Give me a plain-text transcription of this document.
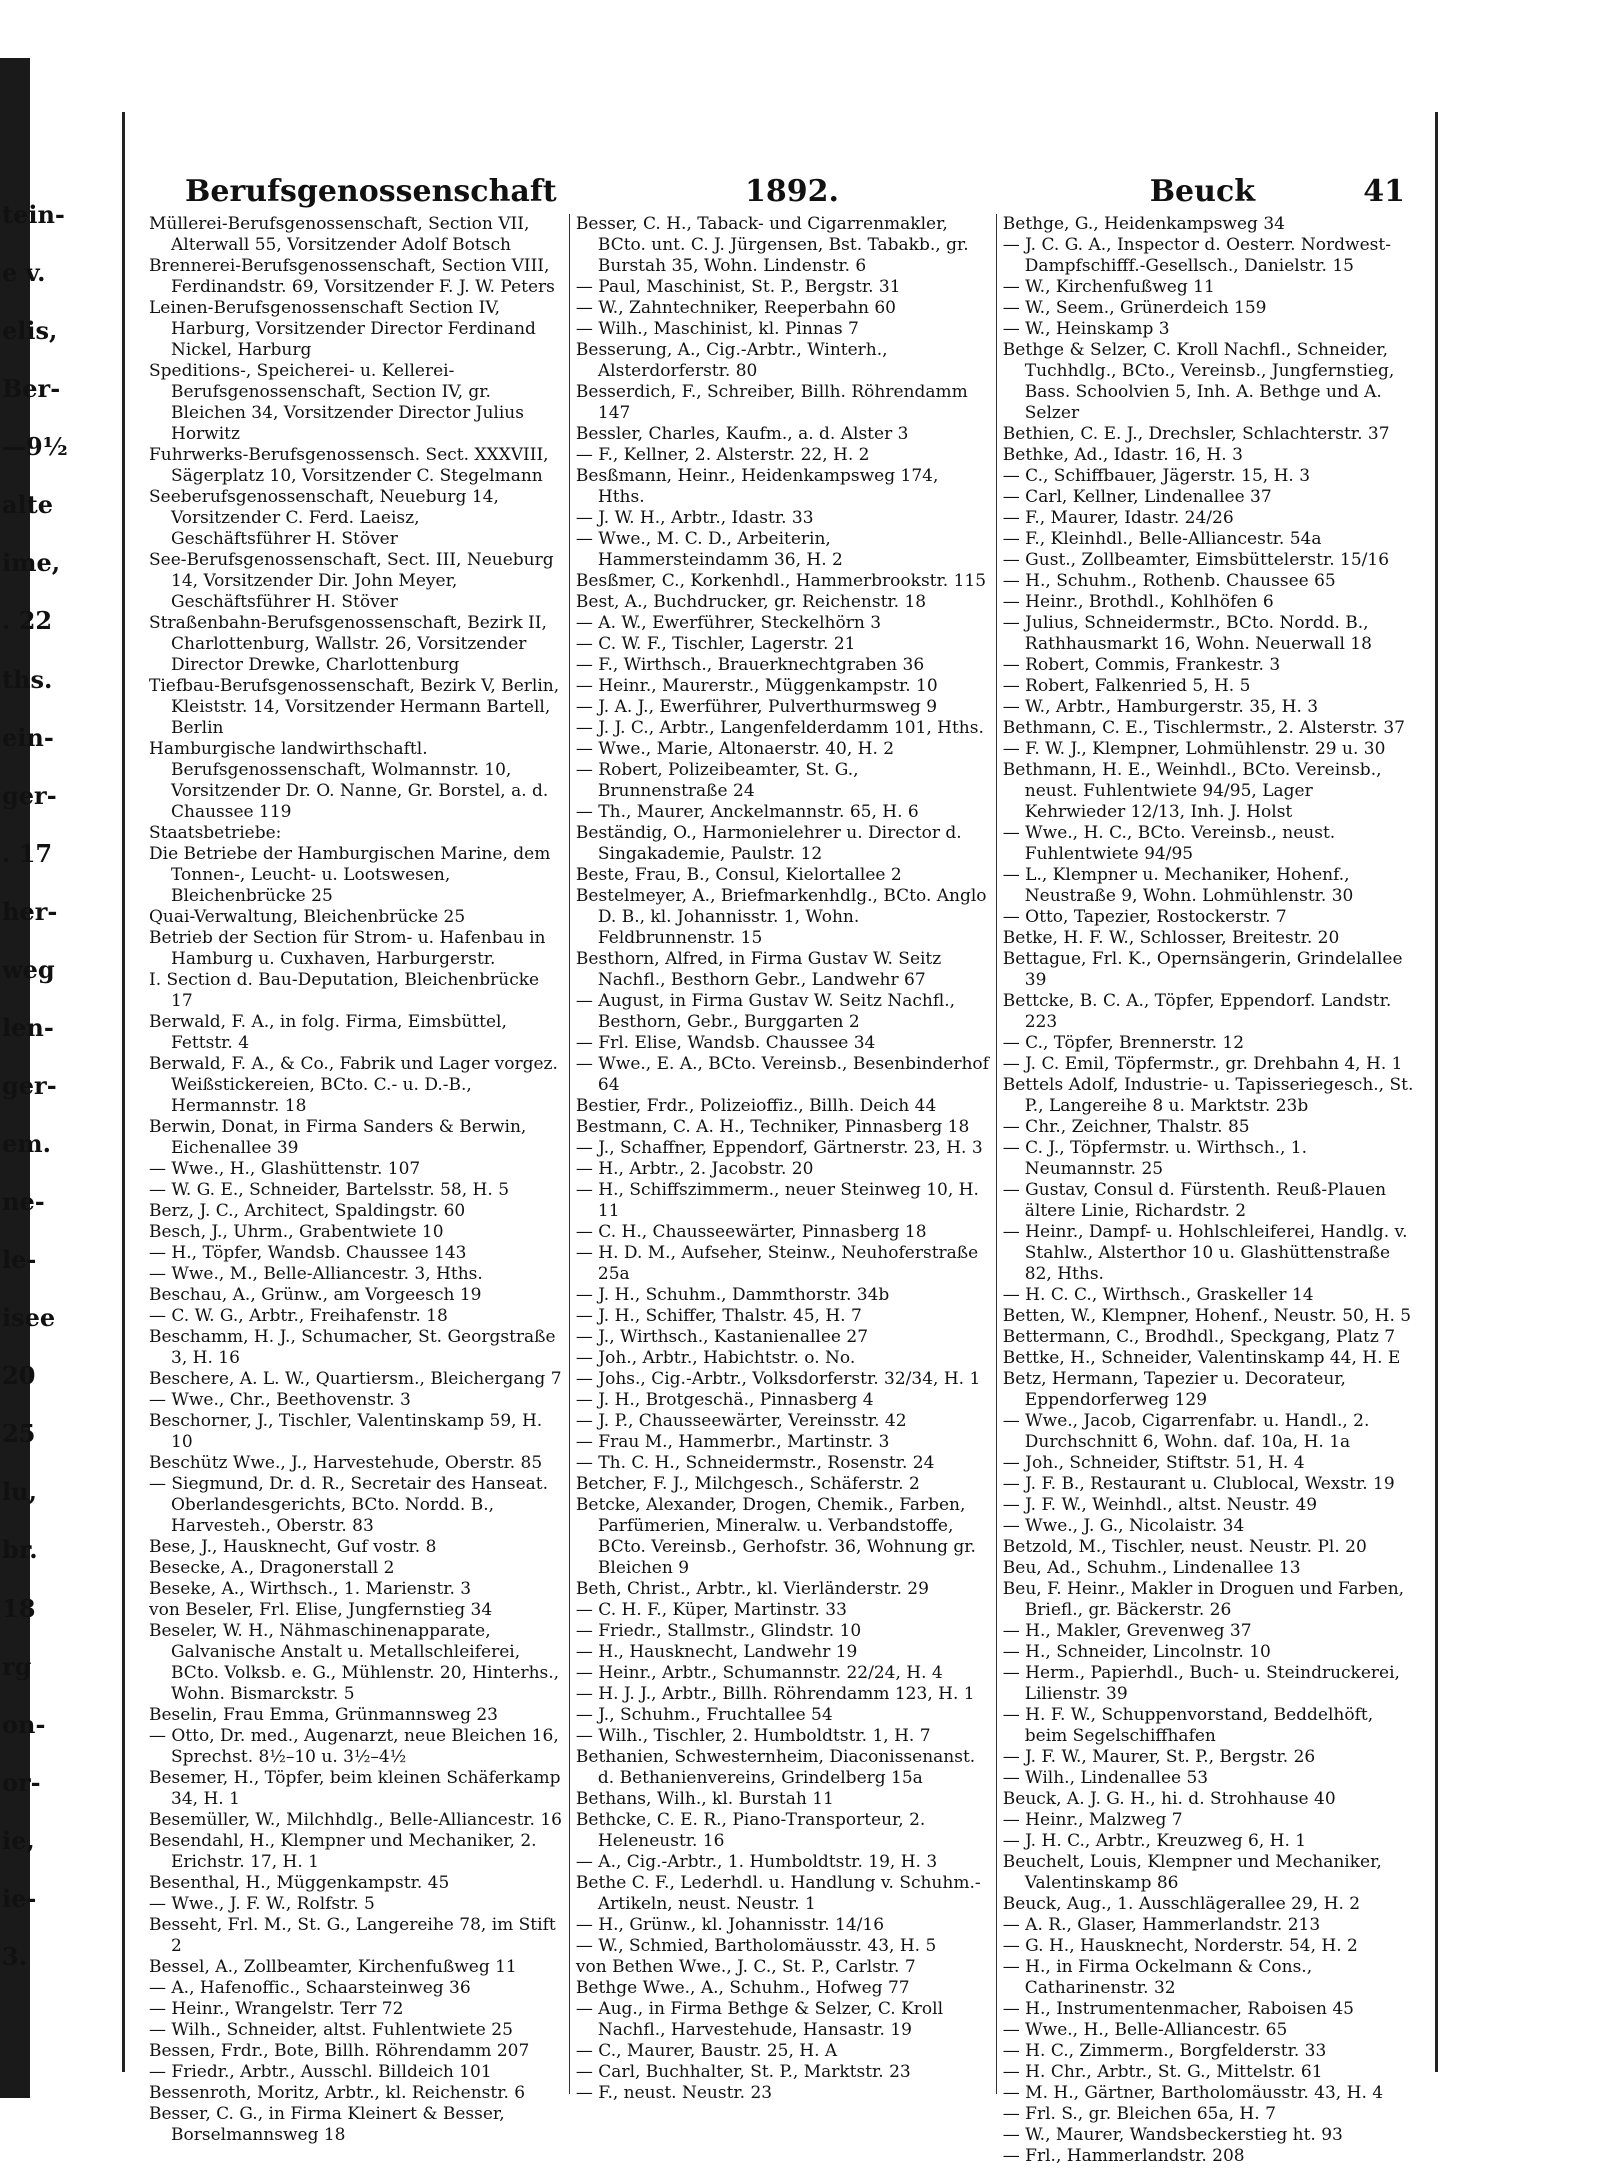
tein-
e v.
elis,
Ber-
—9½
alte
ime,
. 22
ths.
ein-
ger-
. 17
her-
weg
len-
ger-
em.
ne-
le-
isee
20
25
lu,
br.
18
rg
on-
or-
ie,
ie-
3.
Berufsgenossenschaft	1892.	Beuck	41

Müllerei-Berufsgenossenschaft, Section VII, Alterwall 55, Vorsitzender Adolf Botsch

Brennerei-Berufsgenossenschaft, Section VIII, Ferdinandstr. 69, Vorsitzender F. J. W. Peters

Leinen-Berufsgenossenschaft Section IV, Harburg, Vorsitzender Director Ferdinand Nickel, Harburg

Speditions-, Speicherei- u. Kellerei-Berufsgenossenschaft, Section IV, gr. Bleichen 34, Vorsitzender Director Julius Horwitz

Fuhrwerks-Berufsgenossensch. Sect. XXXVIII, Sägerplatz 10, Vorsitzender C. Stegelmann

Seeberufsgenossenschaft, Neueburg 14, Vorsitzender C. Ferd. Laeisz, Geschäftsführer H. Stöver

See-Berufsgenossenschaft, Sect. III, Neueburg 14, Vorsitzender Dir. John Meyer, Geschäftsführer H. Stöver

Straßenbahn-Berufsgenossenschaft, Bezirk II, Charlottenburg, Wallstr. 26, Vorsitzender Director Drewke, Charlottenburg

Tiefbau-Berufsgenossenschaft, Bezirk V, Berlin, Kleiststr. 14, Vorsitzender Hermann Bartell, Berlin

Hamburgische landwirthschaftl. Berufsgenossenschaft, Wolmannstr. 10, Vorsitzender Dr. O. Nanne, Gr. Borstel, a. d. Chaussee 119

Staatsbetriebe:

Die Betriebe der Hamburgischen Marine, dem Tonnen-, Leucht- u. Lootswesen, Bleichenbrücke 25

Quai-Verwaltung, Bleichenbrücke 25

Betrieb der Section für Strom- u. Hafenbau in Hamburg u. Cuxhaven, Harburgerstr.

I. Section d. Bau-Deputation, Bleichenbrücke 17

Berwald, F. A., in folg. Firma, Eimsbüttel, Fettstr. 4

Berwald, F. A., & Co., Fabrik und Lager vorgez. Weißstickereien, BCto. C.- u. D.-B., Hermannstr. 18

Berwin, Donat, in Firma Sanders & Berwin, Eichenallee 39

— Wwe., H., Glashüttenstr. 107

— W. G. E., Schneider, Bartelsstr. 58, H. 5

Berz, J. C., Architect, Spaldingstr. 60

Besch, J., Uhrm., Grabentwiete 10

— H., Töpfer, Wandsb. Chaussee 143

— Wwe., M., Belle-Alliancestr. 3, Hths.

Beschau, A., Grünw., am Vorgeesch 19

— C. W. G., Arbtr., Freihafenstr. 18

Beschamm, H. J., Schumacher, St. Georgstraße 3, H. 16

Beschere, A. L. W., Quartiersm., Bleichergang 7

— Wwe., Chr., Beethovenstr. 3

Beschorner, J., Tischler, Valentinskamp 59, H. 10

Beschütz Wwe., J., Harvestehude, Oberstr. 85

— Siegmund, Dr. d. R., Secretair des Hanseat. Oberlandesgerichts, BCto. Nordd. B., Harvesteh., Oberstr. 83

Bese, J., Hausknecht, Guf vostr. 8

Besecke, A., Dragonerstall 2

Beseke, A., Wirthsch., 1. Marienstr. 3

von Beseler, Frl. Elise, Jungfernstieg 34

Beseler, W. H., Nähmaschinenapparate, Galvanische Anstalt u. Metallschleiferei, BCto. Volksb. e. G., Mühlenstr. 20, Hinterhs., Wohn. Bismarckstr. 5

Beselin, Frau Emma, Grünmannsweg 23

— Otto, Dr. med., Augenarzt, neue Bleichen 16, Sprechst. 8½–10 u. 3½–4½

Besemer, H., Töpfer, beim kleinen Schäferkamp 34, H. 1

Besemüller, W., Milchhdlg., Belle-Alliancestr. 16

Besendahl, H., Klempner und Mechaniker, 2. Erichstr. 17, H. 1

Besenthal, H., Müggenkampstr. 45

— Wwe., J. F. W., Rolfstr. 5

Besseht, Frl. M., St. G., Langereihe 78, im Stift 2

Bessel, A., Zollbeamter, Kirchenfußweg 11

— A., Hafenoffic., Schaarsteinweg 36

— Heinr., Wrangelstr. Terr 72

— Wilh., Schneider, altst. Fuhlentwiete 25

Bessen, Frdr., Bote, Billh. Röhrendamm 207

— Friedr., Arbtr., Ausschl. Billdeich 101

Bessenroth, Moritz, Arbtr., kl. Reichenstr. 6

Besser, C. G., in Firma Kleinert & Besser, Borselmannsweg 18

Besser, C. H., Taback- und Cigarrenmakler, BCto. unt. C. J. Jürgensen, Bst. Tabakb., gr. Burstah 35, Wohn. Lindenstr. 6

— Paul, Maschinist, St. P., Bergstr. 31

— W., Zahntechniker, Reeperbahn 60

— Wilh., Maschinist, kl. Pinnas 7

Besserung, A., Cig.-Arbtr., Winterh., Alsterdorferstr. 80

Besserdich, F., Schreiber, Billh. Röhrendamm 147

Bessler, Charles, Kaufm., a. d. Alster 3

— F., Kellner, 2. Alsterstr. 22, H. 2

Besßmann, Heinr., Heidenkampsweg 174, Hths.

— J. W. H., Arbtr., Idastr. 33

— Wwe., M. C. D., Arbeiterin, Hammersteindamm 36, H. 2

Besßmer, C., Korkenhdl., Hammerbrookstr. 115

Best, A., Buchdrucker, gr. Reichenstr. 18

— A. W., Ewerführer, Steckelhörn 3

— C. W. F., Tischler, Lagerstr. 21

— F., Wirthsch., Brauerknechtgraben 36

— Heinr., Maurerstr., Müggenkampstr. 10

— J. A. J., Ewerführer, Pulverthurmsweg 9

— J. J. C., Arbtr., Langenfelderdamm 101, Hths.

— Wwe., Marie, Altonaerstr. 40, H. 2

— Robert, Polizeibeamter, St. G., Brunnenstraße 24

— Th., Maurer, Anckelmannstr. 65, H. 6

Beständig, O., Harmonielehrer u. Director d. Singakademie, Paulstr. 12

Beste, Frau, B., Consul, Kielortallee 2

Bestelmeyer, A., Briefmarkenhdlg., BCto. Anglo D. B., kl. Johannisstr. 1, Wohn. Feldbrunnenstr. 15

Besthorn, Alfred, in Firma Gustav W. Seitz Nachfl., Besthorn Gebr., Landwehr 67

— August, in Firma Gustav W. Seitz Nachfl., Besthorn, Gebr., Burggarten 2

— Frl. Elise, Wandsb. Chaussee 34

— Wwe., E. A., BCto. Vereinsb., Besenbinderhof 64

Bestier, Frdr., Polizeioffiz., Billh. Deich 44

Bestmann, C. A. H., Techniker, Pinnasberg 18

— J., Schaffner, Eppendorf, Gärtnerstr. 23, H. 3

— H., Arbtr., 2. Jacobstr. 20

— H., Schiffszimmerm., neuer Steinweg 10, H. 11

— C. H., Chausseewärter, Pinnasberg 18

— H. D. M., Aufseher, Steinw., Neuhoferstraße 25a

— J. H., Schuhm., Dammthorstr. 34b

— J. H., Schiffer, Thalstr. 45, H. 7

— J., Wirthsch., Kastanienallee 27

— Joh., Arbtr., Habichtstr. o. No.

— Johs., Cig.-Arbtr., Volksdorferstr. 32/34, H. 1

— J. H., Brotgeschä., Pinnasberg 4

— J. P., Chausseewärter, Vereinsstr. 42

— Frau M., Hammerbr., Martinstr. 3

— Th. C. H., Schneidermstr., Rosenstr. 24

Betcher, F. J., Milchgesch., Schäferstr. 2

Betcke, Alexander, Drogen, Chemik., Farben, Parfümerien, Mineralw. u. Verbandstoffe, BCto. Vereinsb., Gerhofstr. 36, Wohnung gr. Bleichen 9

Beth, Christ., Arbtr., kl. Vierländerstr. 29

— C. H. F., Küper, Martinstr. 33

— Friedr., Stallmstr., Glindstr. 10

— H., Hausknecht, Landwehr 19

— Heinr., Arbtr., Schumannstr. 22/24, H. 4

— H. J. J., Arbtr., Billh. Röhrendamm 123, H. 1

— J., Schuhm., Fruchtallee 54

— Wilh., Tischler, 2. Humboldtstr. 1, H. 7

Bethanien, Schwesternheim, Diaconissenanst. d. Bethanienvereins, Grindelberg 15a

Bethans, Wilh., kl. Burstah 11

Bethcke, C. E. R., Piano-Transporteur, 2. Heleneustr. 16

— A., Cig.-Arbtr., 1. Humboldtstr. 19, H. 3

Bethe C. F., Lederhdl. u. Handlung v. Schuhm.-Artikeln, neust. Neustr. 1

— H., Grünw., kl. Johannisstr. 14/16

— W., Schmied, Bartholomäusstr. 43, H. 5

von Bethen Wwe., J. C., St. P., Carlstr. 7

Bethge Wwe., A., Schuhm., Hofweg 77

— Aug., in Firma Bethge & Selzer, C. Kroll Nachfl., Harvestehude, Hansastr. 19

— C., Maurer, Baustr. 25, H. A

— Carl, Buchhalter, St. P., Marktstr. 23

— F., neust. Neustr. 23

Bethge, G., Heidenkampsweg 34

— J. C. G. A., Inspector d. Oesterr. Nordwest-Dampfschifff.-Gesellsch., Danielstr. 15

— W., Kirchenfußweg 11

— W., Seem., Grünerdeich 159

— W., Heinskamp 3

Bethge & Selzer, C. Kroll Nachfl., Schneider, Tuchhdlg., BCto., Vereinsb., Jungfernstieg, Bass. Schoolvien 5, Inh. A. Bethge und A. Selzer

Bethien, C. E. J., Drechsler, Schlachterstr. 37

Bethke, Ad., Idastr. 16, H. 3

— C., Schiffbauer, Jägerstr. 15, H. 3

— Carl, Kellner, Lindenallee 37

— F., Maurer, Idastr. 24/26

— F., Kleinhdl., Belle-Alliancestr. 54a

— Gust., Zollbeamter, Eimsbüttelerstr. 15/16

— H., Schuhm., Rothenb. Chaussee 65

— Heinr., Brothdl., Kohlhöfen 6

— Julius, Schneidermstr., BCto. Nordd. B., Rathhausmarkt 16, Wohn. Neuerwall 18

— Robert, Commis, Frankestr. 3

— Robert, Falkenried 5, H. 5

— W., Arbtr., Hamburgerstr. 35, H. 3

Bethmann, C. E., Tischlermstr., 2. Alsterstr. 37

— F. W. J., Klempner, Lohmühlenstr. 29 u. 30

Bethmann, H. E., Weinhdl., BCto. Vereinsb., neust. Fuhlentwiete 94/95, Lager Kehrwieder 12/13, Inh. J. Holst

— Wwe., H. C., BCto. Vereinsb., neust. Fuhlentwiete 94/95

— L., Klempner u. Mechaniker, Hohenf., Neustraße 9, Wohn. Lohmühlenstr. 30

— Otto, Tapezier, Rostockerstr. 7

Betke, H. F. W., Schlosser, Breitestr. 20

Bettague, Frl. K., Opernsängerin, Grindelallee 39

Bettcke, B. C. A., Töpfer, Eppendorf. Landstr. 223

— C., Töpfer, Brennerstr. 12

— J. C. Emil, Töpfermstr., gr. Drehbahn 4, H. 1

Bettels Adolf, Industrie- u. Tapisseriegesch., St. P., Langereihe 8 u. Marktstr. 23b

— Chr., Zeichner, Thalstr. 85

— C. J., Töpfermstr. u. Wirthsch., 1. Neumannstr. 25

— Gustav, Consul d. Fürstenth. Reuß-Plauen ältere Linie, Richardstr. 2

— Heinr., Dampf- u. Hohlschleiferei, Handlg. v. Stahlw., Alsterthor 10 u. Glashüttenstraße 82, Hths.

— H. C. C., Wirthsch., Graskeller 14

Betten, W., Klempner, Hohenf., Neustr. 50, H. 5

Bettermann, C., Brodhdl., Speckgang, Platz 7

Bettke, H., Schneider, Valentinskamp 44, H. E

Betz, Hermann, Tapezier u. Decorateur, Eppendorferweg 129

— Wwe., Jacob, Cigarrenfabr. u. Handl., 2. Durchschnitt 6, Wohn. daf. 10a, H. 1a

— Joh., Schneider, Stiftstr. 51, H. 4

— J. F. B., Restaurant u. Clublocal, Wexstr. 19

— J. F. W., Weinhdl., altst. Neustr. 49

— Wwe., J. G., Nicolaistr. 34

Betzold, M., Tischler, neust. Neustr. Pl. 20

Beu, Ad., Schuhm., Lindenallee 13

Beu, F. Heinr., Makler in Droguen und Farben, Briefl., gr. Bäckerstr. 26

— H., Makler, Grevenweg 37

— H., Schneider, Lincolnstr. 10

— Herm., Papierhdl., Buch- u. Steindruckerei, Lilienstr. 39

— H. F. W., Schuppenvorstand, Beddelhöft, beim Segelschiffhafen

— J. F. W., Maurer, St. P., Bergstr. 26

— Wilh., Lindenallee 53

Beuck, A. J. G. H., hi. d. Strohhause 40

— Heinr., Malzweg 7

— J. H. C., Arbtr., Kreuzweg 6, H. 1

Beuchelt, Louis, Klempner und Mechaniker, Valentinskamp 86

Beuck, Aug., 1. Ausschlägerallee 29, H. 2

— A. R., Glaser, Hammerlandstr. 213

— G. H., Hausknecht, Norderstr. 54, H. 2

— H., in Firma Ockelmann & Cons., Catharinenstr. 32

— H., Instrumentenmacher, Raboisen 45

— Wwe., H., Belle-Alliancestr. 65

— H. C., Zimmerm., Borgfelderstr. 33

— H. Chr., Arbtr., St. G., Mittelstr. 61

— M. H., Gärtner, Bartholomäusstr. 43, H. 4

— Frl. S., gr. Bleichen 65a, H. 7

— W., Maurer, Wandsbeckerstieg ht. 93

— Frl., Hammerlandstr. 208
